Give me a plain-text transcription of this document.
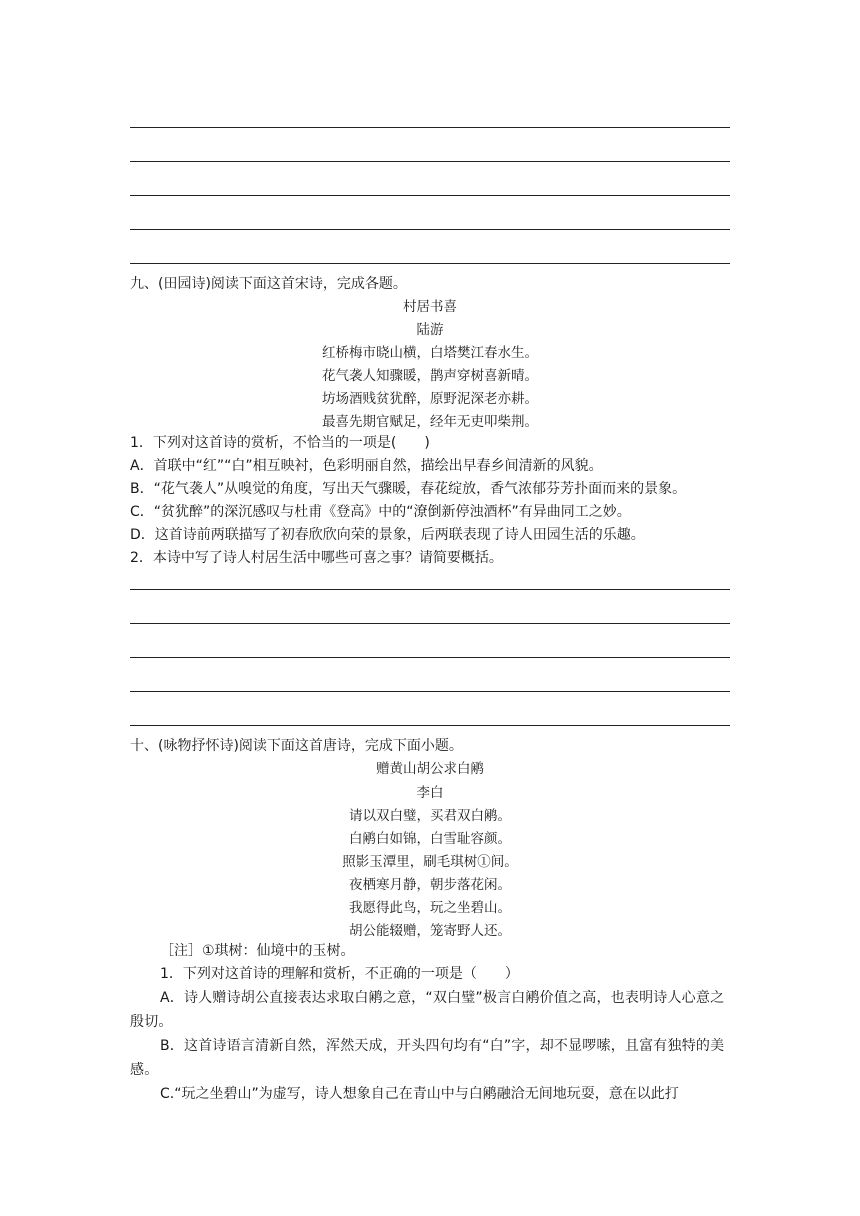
九、(田园诗)阅读下面这首宋诗，完成各题。
村居书喜
陆游
红桥梅市晓山横，白塔樊江春水生。
花气袭人知骤暖，鹊声穿树喜新晴。
坊场酒贱贫犹醉，原野泥深老亦耕。
最喜先期官赋足，经年无吏叩柴荆。
1．下列对这首诗的赏析，不恰当的一项是(　　)
A．首联中“红”“白”相互映衬，色彩明丽自然，描绘出早春乡间清新的风貌。
B．“花气袭人”从嗅觉的角度，写出天气骤暖，春花绽放，香气浓郁芬芳扑面而来的景象。
C．“贫犹醉”的深沉感叹与杜甫《登高》中的“潦倒新停浊酒杯”有异曲同工之妙。
D．这首诗前两联描写了初春欣欣向荣的景象，后两联表现了诗人田园生活的乐趣。
2．本诗中写了诗人村居生活中哪些可喜之事？请简要概括。
十、(咏物抒怀诗)阅读下面这首唐诗，完成下面小题。
赠黄山胡公求白鹇
李白
请以双白璧，买君双白鹇。
白鹇白如锦，白雪耻容颜。
照影玉潭里，刷毛琪树①间。
夜栖寒月静，朝步落花闲。
我愿得此鸟，玩之坐碧山。
胡公能辍赠，笼寄野人还。
［注］①琪树：仙境中的玉树。
1．下列对这首诗的理解和赏析，不正确的一项是（　　）
A．诗人赠诗胡公直接表达求取白鹇之意，“双白璧”极言白鹇价值之高，也表明诗人心意之殷切。
B．这首诗语言清新自然，浑然天成，开头四句均有“白”字，却不显啰嗦，且富有独特的美感。
C.“玩之坐碧山”为虚写，诗人想象自己在青山中与白鹇融洽无间地玩耍，意在以此打
